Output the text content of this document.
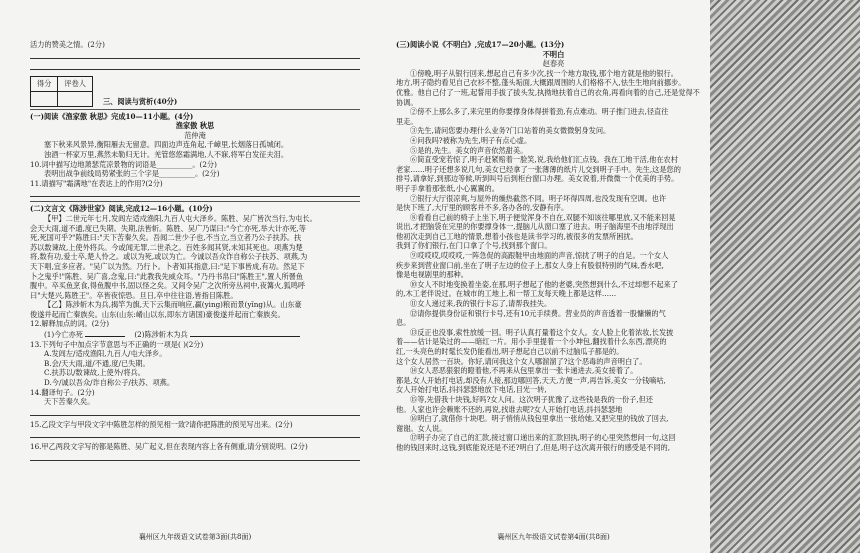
活力的赞美之情。(2分)
得分	评卷人

三、阅读与赏析(40分)
(一)阅读《渔家傲 秋思》完成10—11小题。(4分)
渔家傲 秋思
范仲淹
塞下秋来风景异,衡阳雁去无留意。四面边声连角起,千嶂里,长烟落日孤城闭。
浊酒一杯家万里,燕然未勒归无计。羌管悠悠霜满地,人不寐,将军白发征夫泪。
10.词中描写边地萧瑟荒凉景物的词语是__________。(2分)
表明出战争前线局势紧张的三个字是__________。(2分)
11.请描写"霜满地"在表达上的作用?(2分)
(二)文言文《陈涉世家》阅读,完成12—16小题。(10分)
【甲】二世元年七月,发闾左适戍渔阳,九百人屯大泽乡。陈胜、吴广皆次当行,为屯长。
会天大雨,道不通,度已失期。失期,法皆斩。陈胜、吴广乃谋曰:"今亡亦死,举大计亦死,等
死,死国可乎?"陈胜曰:"天下苦秦久矣。吾闻二世少子也,不当立,当立者乃公子扶苏。扶
苏以数谏故,上使外将兵。今或闻无罪,二世杀之。百姓多闻其贤,未知其死也。项燕为楚
将,数有功,爱士卒,楚人怜之。或以为死,或以为亡。今诚以吾众诈自称公子扶苏、项燕,为
天下唱,宜多应者。"吴广以为然。乃行卜。卜者知其指意,曰:"足下事皆成,有功。然足下
卜之鬼乎!"陈胜、吴广喜,念鬼,曰:"此教我先威众耳。"乃丹书帛曰"陈胜王",置人所罾鱼
腹中。卒买鱼烹食,得鱼腹中书,固以怪之矣。又间令吴广之次所旁丛祠中,夜篝火,狐鸣呼
曰"大楚兴,陈胜王"。卒皆夜惊恐。旦日,卒中往往语,皆指目陈胜。
【乙】陈涉斩木为兵,揭竿为旗,天下云集而响应,赢(ying)粮而景(yǐng)从。山东豪
俊遂并起而亡秦族矣。山东(山东:崤山以东,即东方诸国)豪俊遂并起而亡秦族矣。
12.解释加点的词。(2分)
(1)今亡亦死	(2)陈涉斩木为兵
13.下列句子中加点字节意思与不正确的一项是( )(2分)
A.发闾左/适戍渔阳,九百人/屯大泽乡。
B.会/天大雨,道/不通,度/已失期。
C.扶苏以/数谏故,上使外/将兵。
D.今/诚以吾众/诈自称公子/扶苏、项燕。
14.翻译句子。(2分)
天下苦秦久矣。
15.乙段文字与甲段文字中陈胜怎样的预见相一致?请你把陈胜的预见写出来。(2分)
16.甲乙两段文字写的都是陈胜、吴广起义,但在表现内容上各有侧重,请分别说明。(2分)
襄州区九年级语文试卷第3面(共8面)
(三)阅读小说《不明白》,完成17—20小题。(13分)
不明白
赵春亮
①傍晚,明子从银行回来,想起自己有多少次,找一个地方取钱,那个地方就是他的银行。
地方,明子隐约看见自己衣衫不整,蓬头垢面,大概跟周围的人们格格不入,怯生生地向前挪步。
优雅。他自己付了一班,起誓用手拔了拔头发,执拗地扶着自己的衣角,再看向着的自己,还是觉得不
协调。
②傍不上那么多了,来完里的你要撑身体得拼着劲,有点难动。明子推门进去,径直往
里走。
③先生,请问您要办理什么业务?门口站着的美女微微躬身发问。
④问我吗?被称为先生,明子有点心虚。
⑤是的,先生。美女的声音依然甜美。
⑥简直受宠若惊了,明子赶紧赔着一脸笑,说,我给他们汇点钱。我在工地干活,他在农村
老家……明子还想多说几句,美女已经拿了一张薄薄的纸片儿交到明子手中。先生,这是您的
排号,请拿好,到那边等候,听到叫号后到柜台窗口办理。美女说着,并微微一个优美的手势。
明子手拿着那张纸,小心翼翼的。
⑦银行大厅很凉爽,与屋外的燥热截然不同。明子坏得四周,也没发现有空调。也许
是快下班了,大厅里的顾客并不多,各办各的,安静有序。
⑧看看自己前的椅子上坐下,明子便觉浑身不自在,双腿不知该往哪里放,又不能来回晃
说出,才把脑袋在完里的你要撑身体一,提脑儿从窗口塞了进去。明子脑海里不由地浮现出
他初次走到自己工地的情景,想着小孩也是读书学习的,被很多的发票所困扰。
我到了你们银行,在门口拿了个号,找到那个窗口。
⑨哎哎哎,哎哎哎,一阵急促的高跟鞋甲由地面的声音,惊扰了明子的自足。一个女人
疾步来到营业窗口前,坐在了明子左边的位子上,那女人身上有股很特别的气味,香水吧,
像是电视剧里的那种。
⑩女人不时地变换着坐姿,在那,明子想起了他的老婆,突然想到什么,不过却想不起来了
的,木工老伴说过。在城市的工地上,和一帮工友每天晚上都是这样……
⑪女人递过来,我的银行卡忘了,请帮我挂失。
⑫请你提供身份证和银行卡号,还有10元手续费。营业员的声音透着一股慵懒的气
息。
⑬反正也没事,索性放缓一回。明子认真打量着这个女人。女人脸上化着浓妆,长发披
着——估计是染过的——暗红一片。用小手里提着一个小坤包,翻找着什么东西,漂亮的
红,一头亮色的时髦长发仍能看出,明子想起自己以前不过脑瓜子都是的。
这个女人居然一百块。你好,请问我这个女人哪溜溜了?这个恶毒的声音明白了。
⑭女人恶恶狠狠的瞪着他,不再来从包里拿出一张卡递进去,美女接着了。
都是,女人开始打电话,却没有人接,那边哪回答,天天,方便一声,再告诉,美女一分钱嘀咕,
女人开始打电话,抖抖瑟瑟地放下电话,目光一转,
⑮等,先借我十块钱,好吗?女人问。这次明子犹豫了,这些钱是我的一份子,但还
他。人家也许会赖账不还的,再说,找谁去呢?女人开始打电话,抖抖瑟瑟地
⑯明白了,就借你十块吧。明子悄悄从钱包里拿出一张给她,又把完里的钱放了回去,
谢谢。女人说。
⑰明子办完了自己的汇款,接过窗口递出来的汇款回执,明子的心里突然想问一句,这回
他的钱回来时,这钱,到底能说还是不还?明白了,但是,明子这次离开银行的感受是不同的,
襄州区九年级语文试卷第4面(共8面)
